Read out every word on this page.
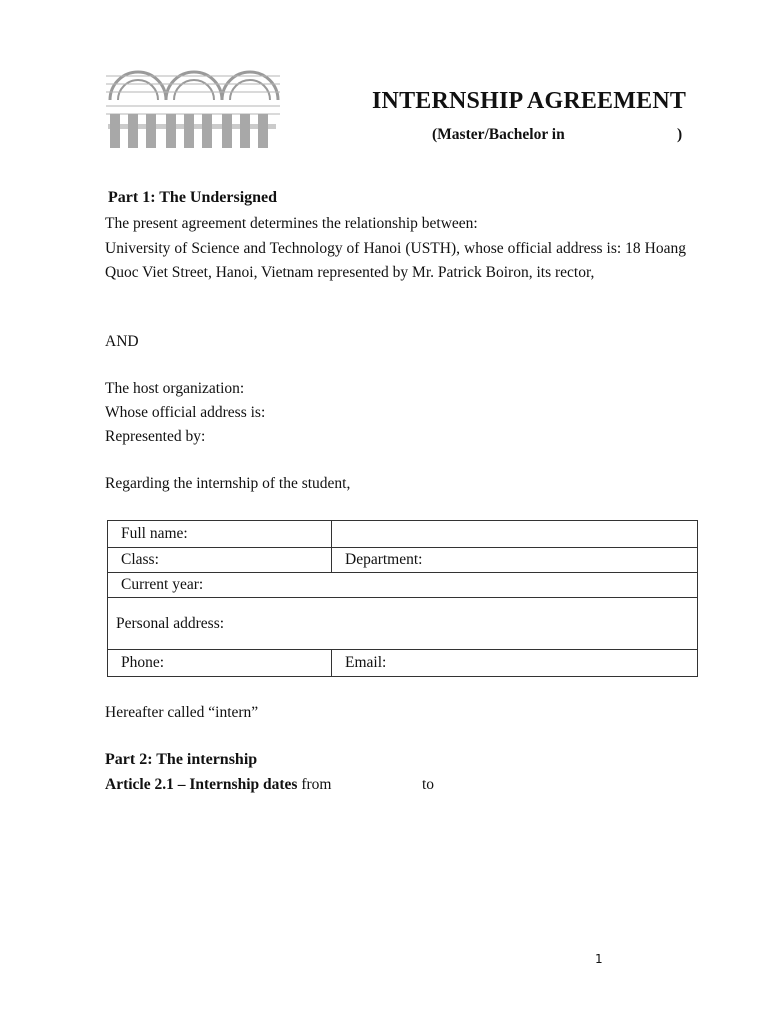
INTERNSHIP AGREEMENT
(Master/Bachelor in	)
Part 1: The Undersigned
The present agreement determines the relationship between:
University of Science and Technology of Hanoi (USTH), whose official address is: 18 Hoang Quoc Viet Street, Hanoi, Vietnam represented by Mr. Patrick Boiron, its rector,
AND
The host organization:
Whose official address is:
Represented by:
Regarding the internship of the student,
Full name:	
Class:	Department:
Current year:	
Personal address:	
Phone:	Email:
Hereafter called “intern”
Part 2: The internship
Article 2.1 – Internship dates from	to
1
